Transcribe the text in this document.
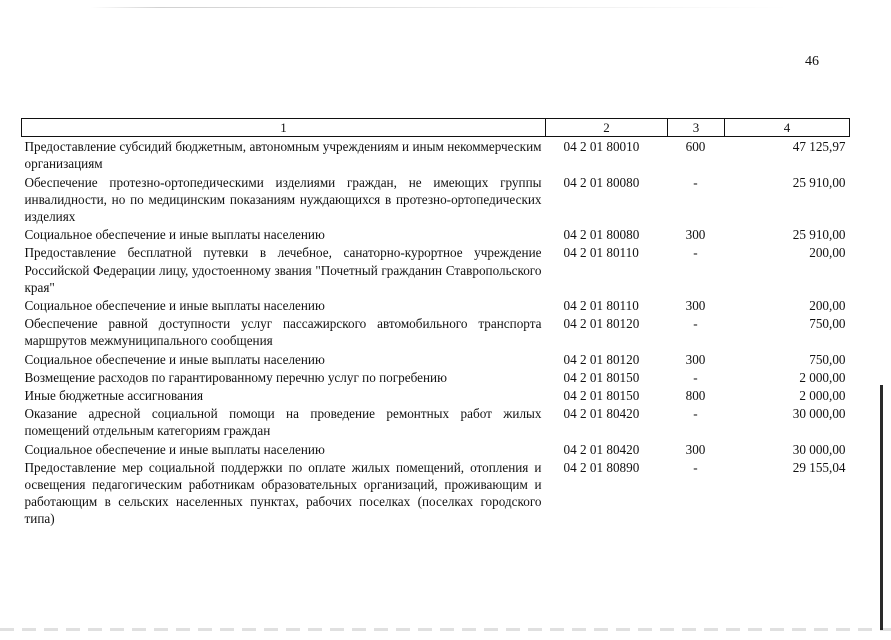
46
1	2	3	4
Предоставление субсидий бюджетным, автономным учреждениям и иным некоммерческим организациям	04 2 01 80010	600	47 125,97
Обеспечение протезно-ортопедическими изделиями граждан, не имеющих группы инвалидности, но по медицинским показаниям нуждающихся в протезно-ортопедических изделиях	04 2 01 80080	-	25 910,00
Социальное обеспечение и иные выплаты населению	04 2 01 80080	300	25 910,00
Предоставление бесплатной путевки в лечебное, санаторно-курортное учреждение Российской Федерации лицу, удостоенному звания "Почетный гражданин Ставропольского края"	04 2 01 80110	-	200,00
Социальное обеспечение и иные выплаты населению	04 2 01 80110	300	200,00
Обеспечение равной доступности услуг пассажирского автомобильного транспорта маршрутов межмуниципального сообщения	04 2 01 80120	-	750,00
Социальное обеспечение и иные выплаты населению	04 2 01 80120	300	750,00
Возмещение расходов по гарантированному перечню услуг по погребению	04 2 01 80150	-	2 000,00
Иные бюджетные ассигнования	04 2 01 80150	800	2 000,00
Оказание адресной социальной помощи на проведение ремонтных работ жилых помещений отдельным категориям граждан	04 2 01 80420	-	30 000,00
Социальное обеспечение и иные выплаты населению	04 2 01 80420	300	30 000,00
Предоставление мер социальной поддержки по оплате жилых помещений, отопления и освещения педагогическим работникам образовательных организаций, проживающим и работающим в сельских населенных пунктах, рабочих поселках (поселках городского типа)	04 2 01 80890	-	29 155,04
